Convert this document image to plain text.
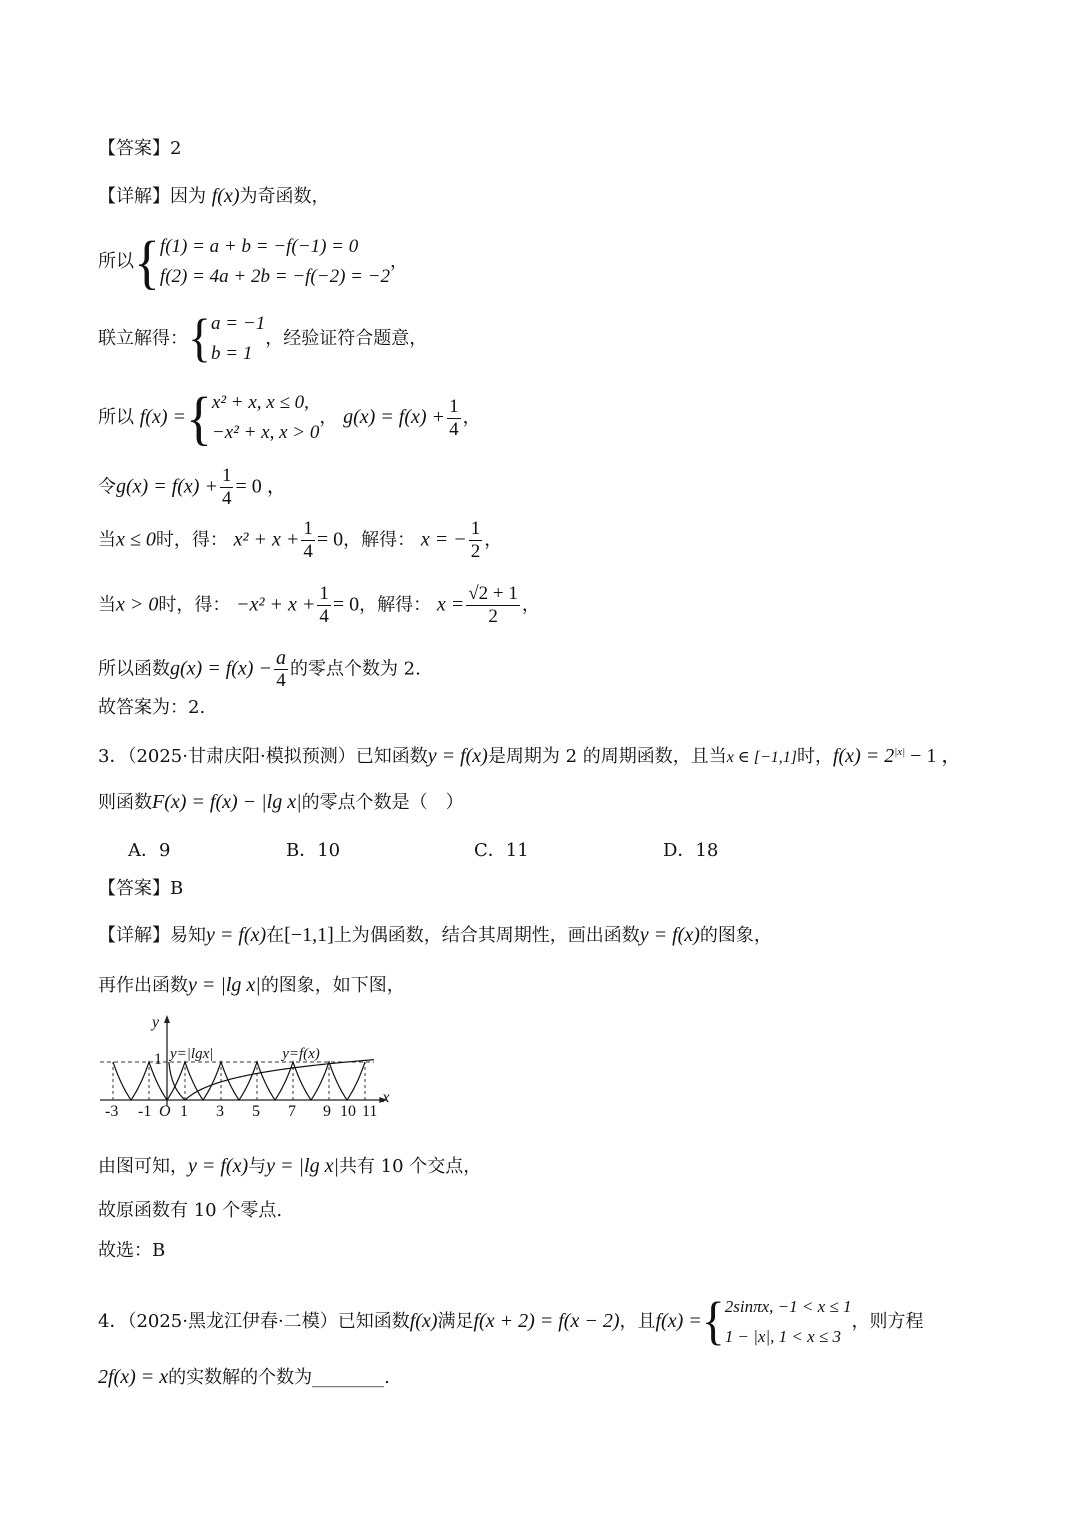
【答案】2
【详解】因为 f(x)为奇函数，
所以{ f(1) = a + b = −f(−1) = 0
f(2) = 4a + 2b = −f(−2) = −2
，
联立解得：{ a = −1
b = 1
，经验证符合题意，
所以 f(x) ={ x² + x, x ≤ 0,
−x² + x, x > 0
， $g(x) = f(x) + \frac{1}{4}$ ，
令$g(x) = f(x) + \frac{1}{4} = 0$ ，
当x ≤ 0时，得： $x^2 + x + \frac{1}{4} = 0$，解得： x = − $\frac{1}{2}$ ，
当x > 0时，得： $-x^2 + x + \frac{1}{4} = 0$，解得： $x = \frac{√2 + 1}{2}$ ，
所以函数$g(x) = f(x) - \frac{a}{4}$ 的零点个数为 2.
故答案为：2.
3．（2025·甘肃庆阳·模拟预测）已知函数y = f(x)是周期为 2 的周期函数，且当x ∈ [−1,1]时，$f(x) = 2^{|x|} - 1$ ，
则函数F(x) = f(x) − |lg x|的零点个数是（　）
A．9	B．10	C．11	D．18
【答案】B
【详解】易知y = f(x)在[−1,1]上为偶函数，结合其周期性，画出函数y = f(x)的图象，
再作出函数y = |lg x|的图象，如下图，
-3 -1 1 3 5 7 9 10 11
O
x
y
1 y=|lgx|	y=f(x)
由图可知，y = f(x)与y = |lg x|共有 10 个交点，
故原函数有 10 个零点.
故选：B
4．（2025·黑龙江伊春·二模）已知函数f(x)满足f(x + 2) = f(x − 2)，且f(x) ={ 2sinπx, −1 < x ≤ 1
1 − |x|, 1 < x ≤ 3
，则方程
2f(x) = x的实数解的个数为________.
